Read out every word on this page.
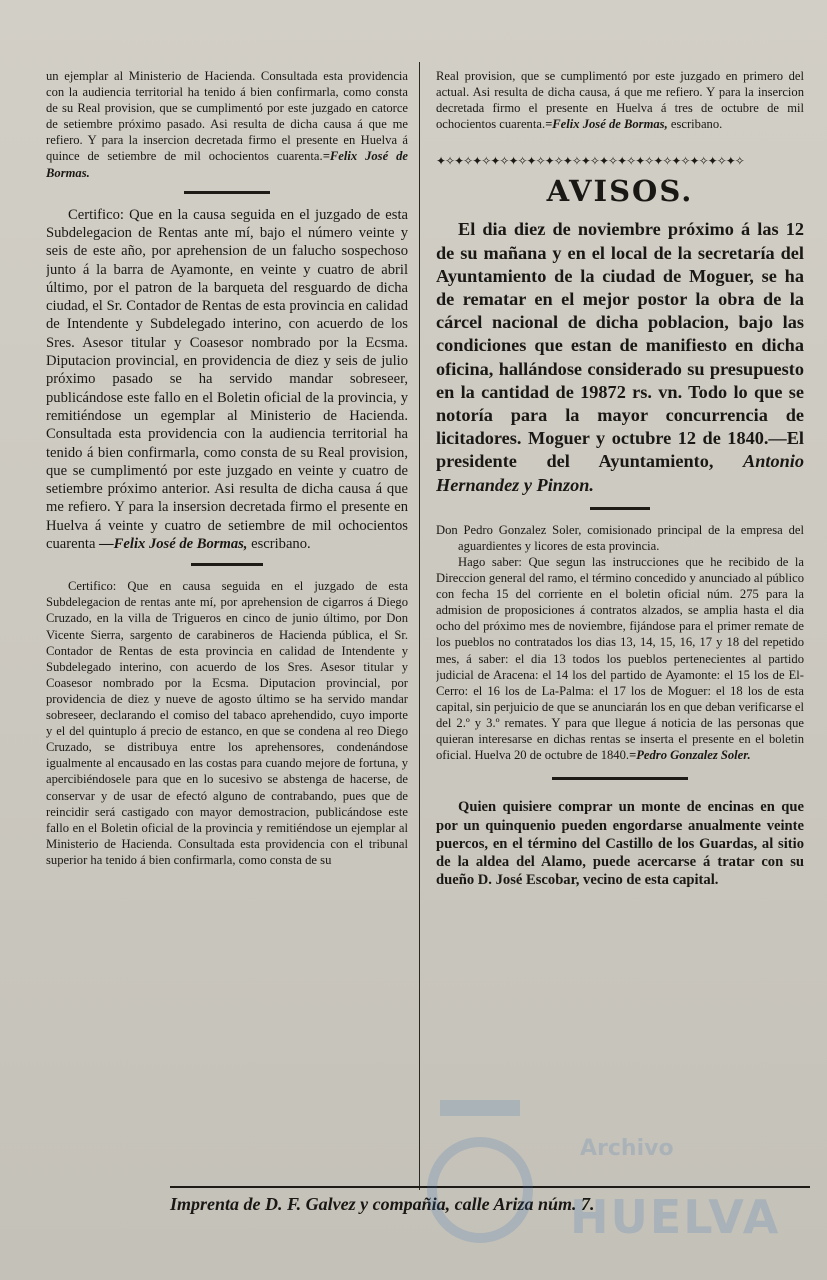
un ejemplar al Ministerio de Hacienda. Consultada esta providencia con la audiencia territorial ha tenido á bien confirmarla, como consta de su Real provision, que se cumplimentó por este juzgado en catorce de setiembre próximo pasado. Asi resulta de dicha causa á que me refiero. Y para la insercion decretada firmo el presente en Huelva á quince de setiembre de mil ochocientos cuarenta.=Felix José de Bormas.

Certifico: Que en la causa seguida en el juzgado de esta Subdelegacion de Rentas ante mí, bajo el número veinte y seis de este año, por aprehension de un falucho sospechoso junto á la barra de Ayamonte, en veinte y cuatro de abril último, por el patron de la barqueta del resguardo de dicha ciudad, el Sr. Contador de Rentas de esta provincia en calidad de Intendente y Subdelegado interino, con acuerdo de los Sres. Asesor titular y Coasesor nombrado por la Ecsma. Diputacion provincial, en providencia de diez y seis de julio próximo pasado se ha servido mandar sobreseer, publicándose este fallo en el Boletin oficial de la provincia, y remitiéndose un egemplar al Ministerio de Hacienda. Consultada esta providencia con la audiencia territorial ha tenido á bien confirmarla, como consta de su Real provision, que se cumplimentó por este juzgado en veinte y cuatro de setiembre próximo anterior. Asi resulta de dicha causa á que me refiero. Y para la insersion decretada firmo el presente en Huelva á veinte y cuatro de setiembre de mil ochocientos cuarenta —Felix José de Bormas, escribano.

Certifico: Que en causa seguida en el juzgado de esta Subdelegacion de rentas ante mí, por aprehension de cigarros á Diego Cruzado, en la villa de Trigueros en cinco de junio último, por Don Vicente Sierra, sargento de carabineros de Hacienda pública, el Sr. Contador de Rentas de esta provincia en calidad de Intendente y Subdelegado interino, con acuerdo de los Sres. Asesor titular y Coasesor nombrado por la Ecsma. Diputacion provincial, por providencia de diez y nueve de agosto último se ha servido mandar sobreseer, declarando el comiso del tabaco aprehendido, cuyo importe y el del quintuplo á precio de estanco, en que se condena al reo Diego Cruzado, se distribuya entre los aprehensores, condenándose igualmente al encausado en las costas para cuando mejore de fortuna, y apercibiéndosele para que en lo sucesivo se abstenga de hacerse, de conservar y de usar de efectó alguno de contrabando, pues que de reincidir será castigado con mayor demostracion, publicándose este fallo en el Boletin oficial de la provincia y remitiéndose un ejemplar al Ministerio de Hacienda. Consultada esta providencia con el tribunal superior ha tenido á bien confirmarla, como consta de su

Real provision, que se cumplimentó por este juzgado en primero del actual. Asi resulta de dicha causa, á que me refiero. Y para la insercion decretada firmo el presente en Huelva á tres de octubre de mil ochocientos cuarenta.=Felix José de Bormas, escribano.

✦✧✦✧✦✧✦✧✦✧✦✧✦✧✦✧✦✧✦✧✦✧✦✧✦✧✦✧✦✧✦✧✦✧
AVISOS.

El dia diez de noviembre próximo á las 12 de su mañana y en el local de la secretaría del Ayuntamiento de la ciudad de Moguer, se ha de rematar en el mejor postor la obra de la cárcel nacional de dicha poblacion, bajo las condiciones que estan de manifiesto en dicha oficina, hallándose considerado su presupuesto en la cantidad de 19872 rs. vn. Todo lo que se notoría para la mayor concurrencia de licitadores. Moguer y octubre 12 de 1840.—El presidente del Ayuntamiento, Antonio Hernandez y Pinzon.

Don Pedro Gonzalez Soler, comisionado principal de la empresa del aguardientes y licores de esta provincia.

Hago saber: Que segun las instrucciones que he recibido de la Direccion general del ramo, el término concedido y anunciado al público con fecha 15 del corriente en el boletin oficial núm. 275 para la admision de proposiciones á contratos alzados, se amplia hasta el dia ocho del próximo mes de noviembre, fijándose para el primer remate de los pueblos no contratados los dias 13, 14, 15, 16, 17 y 18 del repetido mes, á saber: el dia 13 todos los pueblos pertenecientes al partido judicial de Aracena: el 14 los del partido de Ayamonte: el 15 los de El-Cerro: el 16 los de La-Palma: el 17 los de Moguer: el 18 los de esta capital, sin perjuicio de que se anunciarán los en que deban verificarse el del 2.º y 3.º remates. Y para que llegue á noticia de las personas que quieran interesarse en dichas rentas se inserta el presente en el boletin oficial. Huelva 20 de octubre de 1840.=Pedro Gonzalez Soler.

Quien quisiere comprar un monte de encinas en que por un quinquenio pueden engordarse anualmente veinte puercos, en el término del Castillo de los Guardas, al sitio de la aldea del Alamo, puede acercarse á tratar con su dueño D. José Escobar, vecino de esta capital.

Imprenta de D. F. Galvez y compañia, calle Ariza núm. 7.
Archivo
HUELVA
